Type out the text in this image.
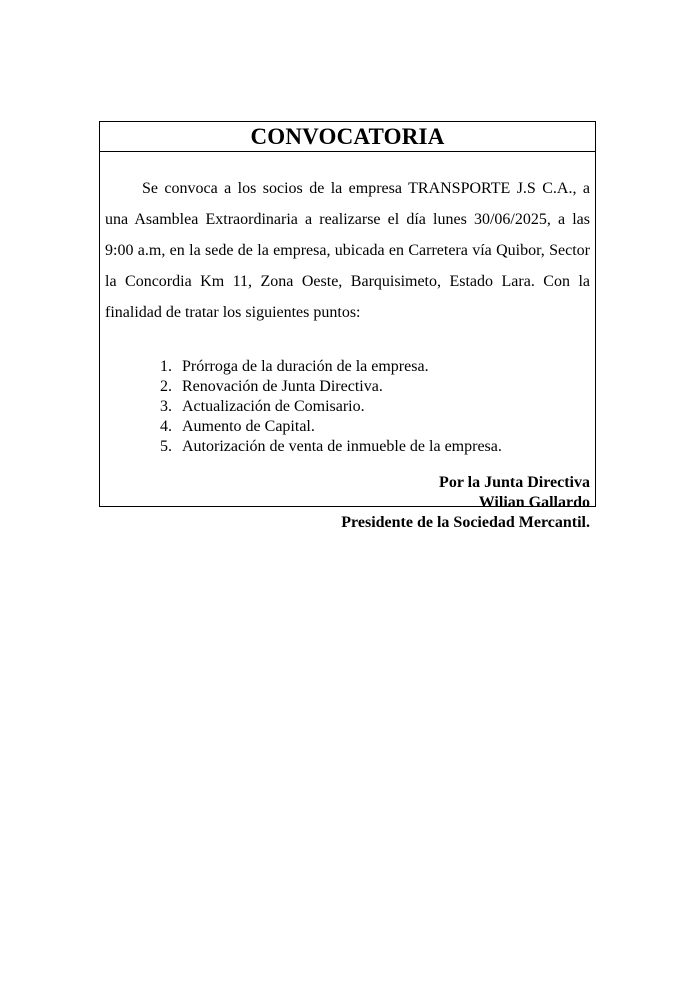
CONVOCATORIA

Se convoca a los socios de la empresa TRANSPORTE J.S C.A., a una Asamblea Extraordinaria a realizarse el día lunes 30/06/2025, a las 9:00 a.m, en la sede de la empresa, ubicada en Carretera vía Quibor, Sector la Concordia Km 11, Zona Oeste, Barquisimeto, Estado Lara. Con la finalidad de tratar los siguientes puntos:

1. Prórroga de la duración de la empresa.
2. Renovación de Junta Directiva.
3. Actualización de Comisario.
4. Aumento de Capital.
5. Autorización de venta de inmueble de la empresa.
Por la Junta Directiva
Wilian Gallardo
Presidente de la Sociedad Mercantil.
